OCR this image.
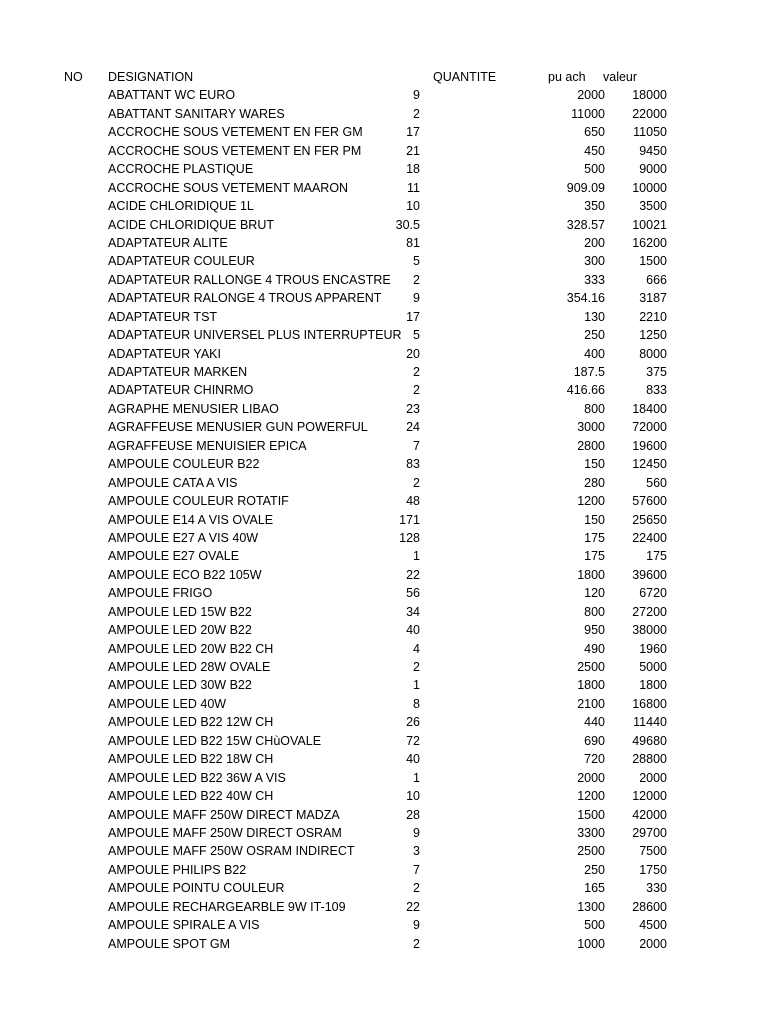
NO DESIGNATION	QUANTITE	pu ach valeur
ABATTANT WC EURO	9	2000 18000
ABATTANT SANITARY WARES	2	11000 22000
ACCROCHE SOUS VETEMENT EN FER GM	17	650 11050
ACCROCHE SOUS VETEMENT EN FER PM	21	450	9450
ACCROCHE PLASTIQUE	18	500	9000
ACCROCHE SOUS VETEMENT MAARON	11	909.09 10000
ACIDE CHLORIDIQUE 1L	10	350	3500
ACIDE CHLORIDIQUE BRUT	30.5	328.57 10021
ADAPTATEUR ALITE	81	200 16200
ADAPTATEUR COULEUR	5	300	1500
ADAPTATEUR RALLONGE 4 TROUS ENCASTRE 2	333	666
ADAPTATEUR RALONGE 4 TROUS APPARENT	9	354.16	3187
ADAPTATEUR TST	17	130	2210
ADAPTATEUR UNIVERSEL PLUS INTERRUPTEUR 5	250	1250
ADAPTATEUR YAKI	20	400	8000
ADAPTATEUR MARKEN	2	187.5	375
ADAPTATEUR CHINRMO	2	416.66	833
AGRAPHE MENUSIER LIBAO	23	800 18400
AGRAFFEUSE MENUSIER GUN POWERFUL	24	3000 72000
AGRAFFEUSE MENUISIER EPICA	7	2800 19600
AMPOULE COULEUR B22	83	150 12450
AMPOULE CATA A VIS	2	280	560
AMPOULE COULEUR ROTATIF	48	1200 57600
AMPOULE E14 A VIS OVALE	171	150 25650
AMPOULE E27 A VIS 40W	128	175 22400
AMPOULE E27 OVALE	1	175	175
AMPOULE ECO B22 105W	22	1800 39600
AMPOULE FRIGO	56	120	6720
AMPOULE LED 15W B22	34	800 27200
AMPOULE LED 20W B22	40	950 38000
AMPOULE LED 20W B22 CH	4	490	1960
AMPOULE LED 28W OVALE	2	2500	5000
AMPOULE LED 30W B22	1	1800	1800
AMPOULE LED 40W	8	2100 16800
AMPOULE LED B22 12W CH	26	440 11440
AMPOULE LED B22 15W CHùOVALE	72	690 49680
AMPOULE LED B22 18W CH	40	720 28800
AMPOULE LED B22 36W A VIS	1	2000	2000
AMPOULE LED B22 40W CH	10	1200 12000
AMPOULE MAFF 250W DIRECT MADZA	28	1500 42000
AMPOULE MAFF 250W DIRECT OSRAM	9	3300 29700
AMPOULE MAFF 250W OSRAM INDIRECT	3	2500	7500
AMPOULE PHILIPS B22	7	250	1750
AMPOULE POINTU COULEUR	2	165	330
AMPOULE RECHARGEARBLE 9W IT-109	22	1300 28600
AMPOULE SPIRALE A VIS	9	500	4500
AMPOULE SPOT GM	2	1000	2000
